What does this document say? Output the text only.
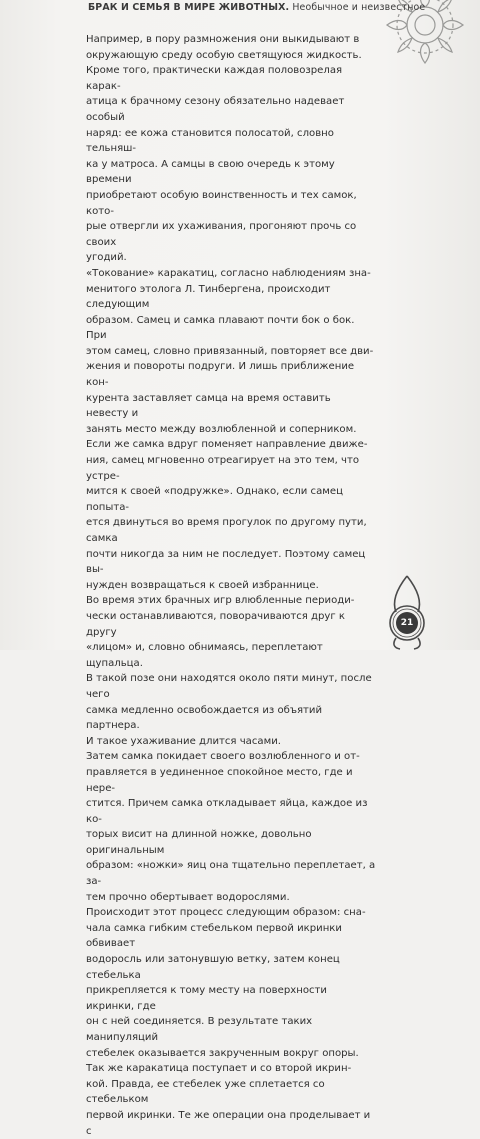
БРАК И СЕМЬЯ В МИРЕ ЖИВОТНЫХ. Необычное и неизвестное

Например, в пору размножения они выкидывают в
окружающую среду особую светящуюся жидкость.

Кроме того, практически каждая половозрелая карак-
атица к брачному сезону обязательно надевает особый
наряд: ее кожа становится полосатой, словно тельняш-
ка у матроса. А самцы в свою очередь к этому времени
приобретают особую воинственность и тех самок, кото-
рые отвергли их ухаживания, прогоняют прочь со своих
угодий.

«Токование» каракатиц, согласно наблюдениям зна-
менитого этолога Л. Тинбергена, происходит следующим
образом. Самец и самка плавают почти бок о бок. При
этом самец, словно привязанный, повторяет все дви-
жения и повороты подруги. И лишь приближение кон-
курента заставляет самца на время оставить невесту и
занять место между возлюбленной и соперником.

Если же самка вдруг поменяет направление движе-
ния, самец мгновенно отреагирует на это тем, что устре-
мится к своей «подружке». Однако, если самец попыта-
ется двинуться во время прогулок по другому пути, самка
почти никогда за ним не последует. Поэтому самец вы-
нужден возвращаться к своей избраннице.

Во время этих брачных игр влюбленные периоди-
чески останавливаются, поворачиваются друг к другу
«лицом» и, словно обнимаясь, переплетают щупальца.
В такой позе они находятся около пяти минут, после чего
самка медленно освобождается из объятий партнера.
И такое ухаживание длится часами.

Затем самка покидает своего возлюбленного и от-
правляется в уединенное спокойное место, где и нере-
стится. Причем самка откладывает яйца, каждое из ко-
торых висит на длинной ножке, довольно оригинальным
образом: «ножки» яиц она тщательно переплетает, а за-
тем прочно обертывает водорослями.

Происходит этот процесс следующим образом: сна-
чала самка гибким стебельком первой икринки обвивает
водоросль или затонувшую ветку, затем конец стебелька
прикрепляется к тому месту на поверхности икринки, где
он с ней соединяется. В результате таких манипуляций
стебелек оказывается закрученным вокруг опоры.

Так же каракатица поступает и со второй икрин-
кой. Правда, ее стебелек уже сплетается со стебельком
первой икринки. Те же операции она проделывает и с

21
